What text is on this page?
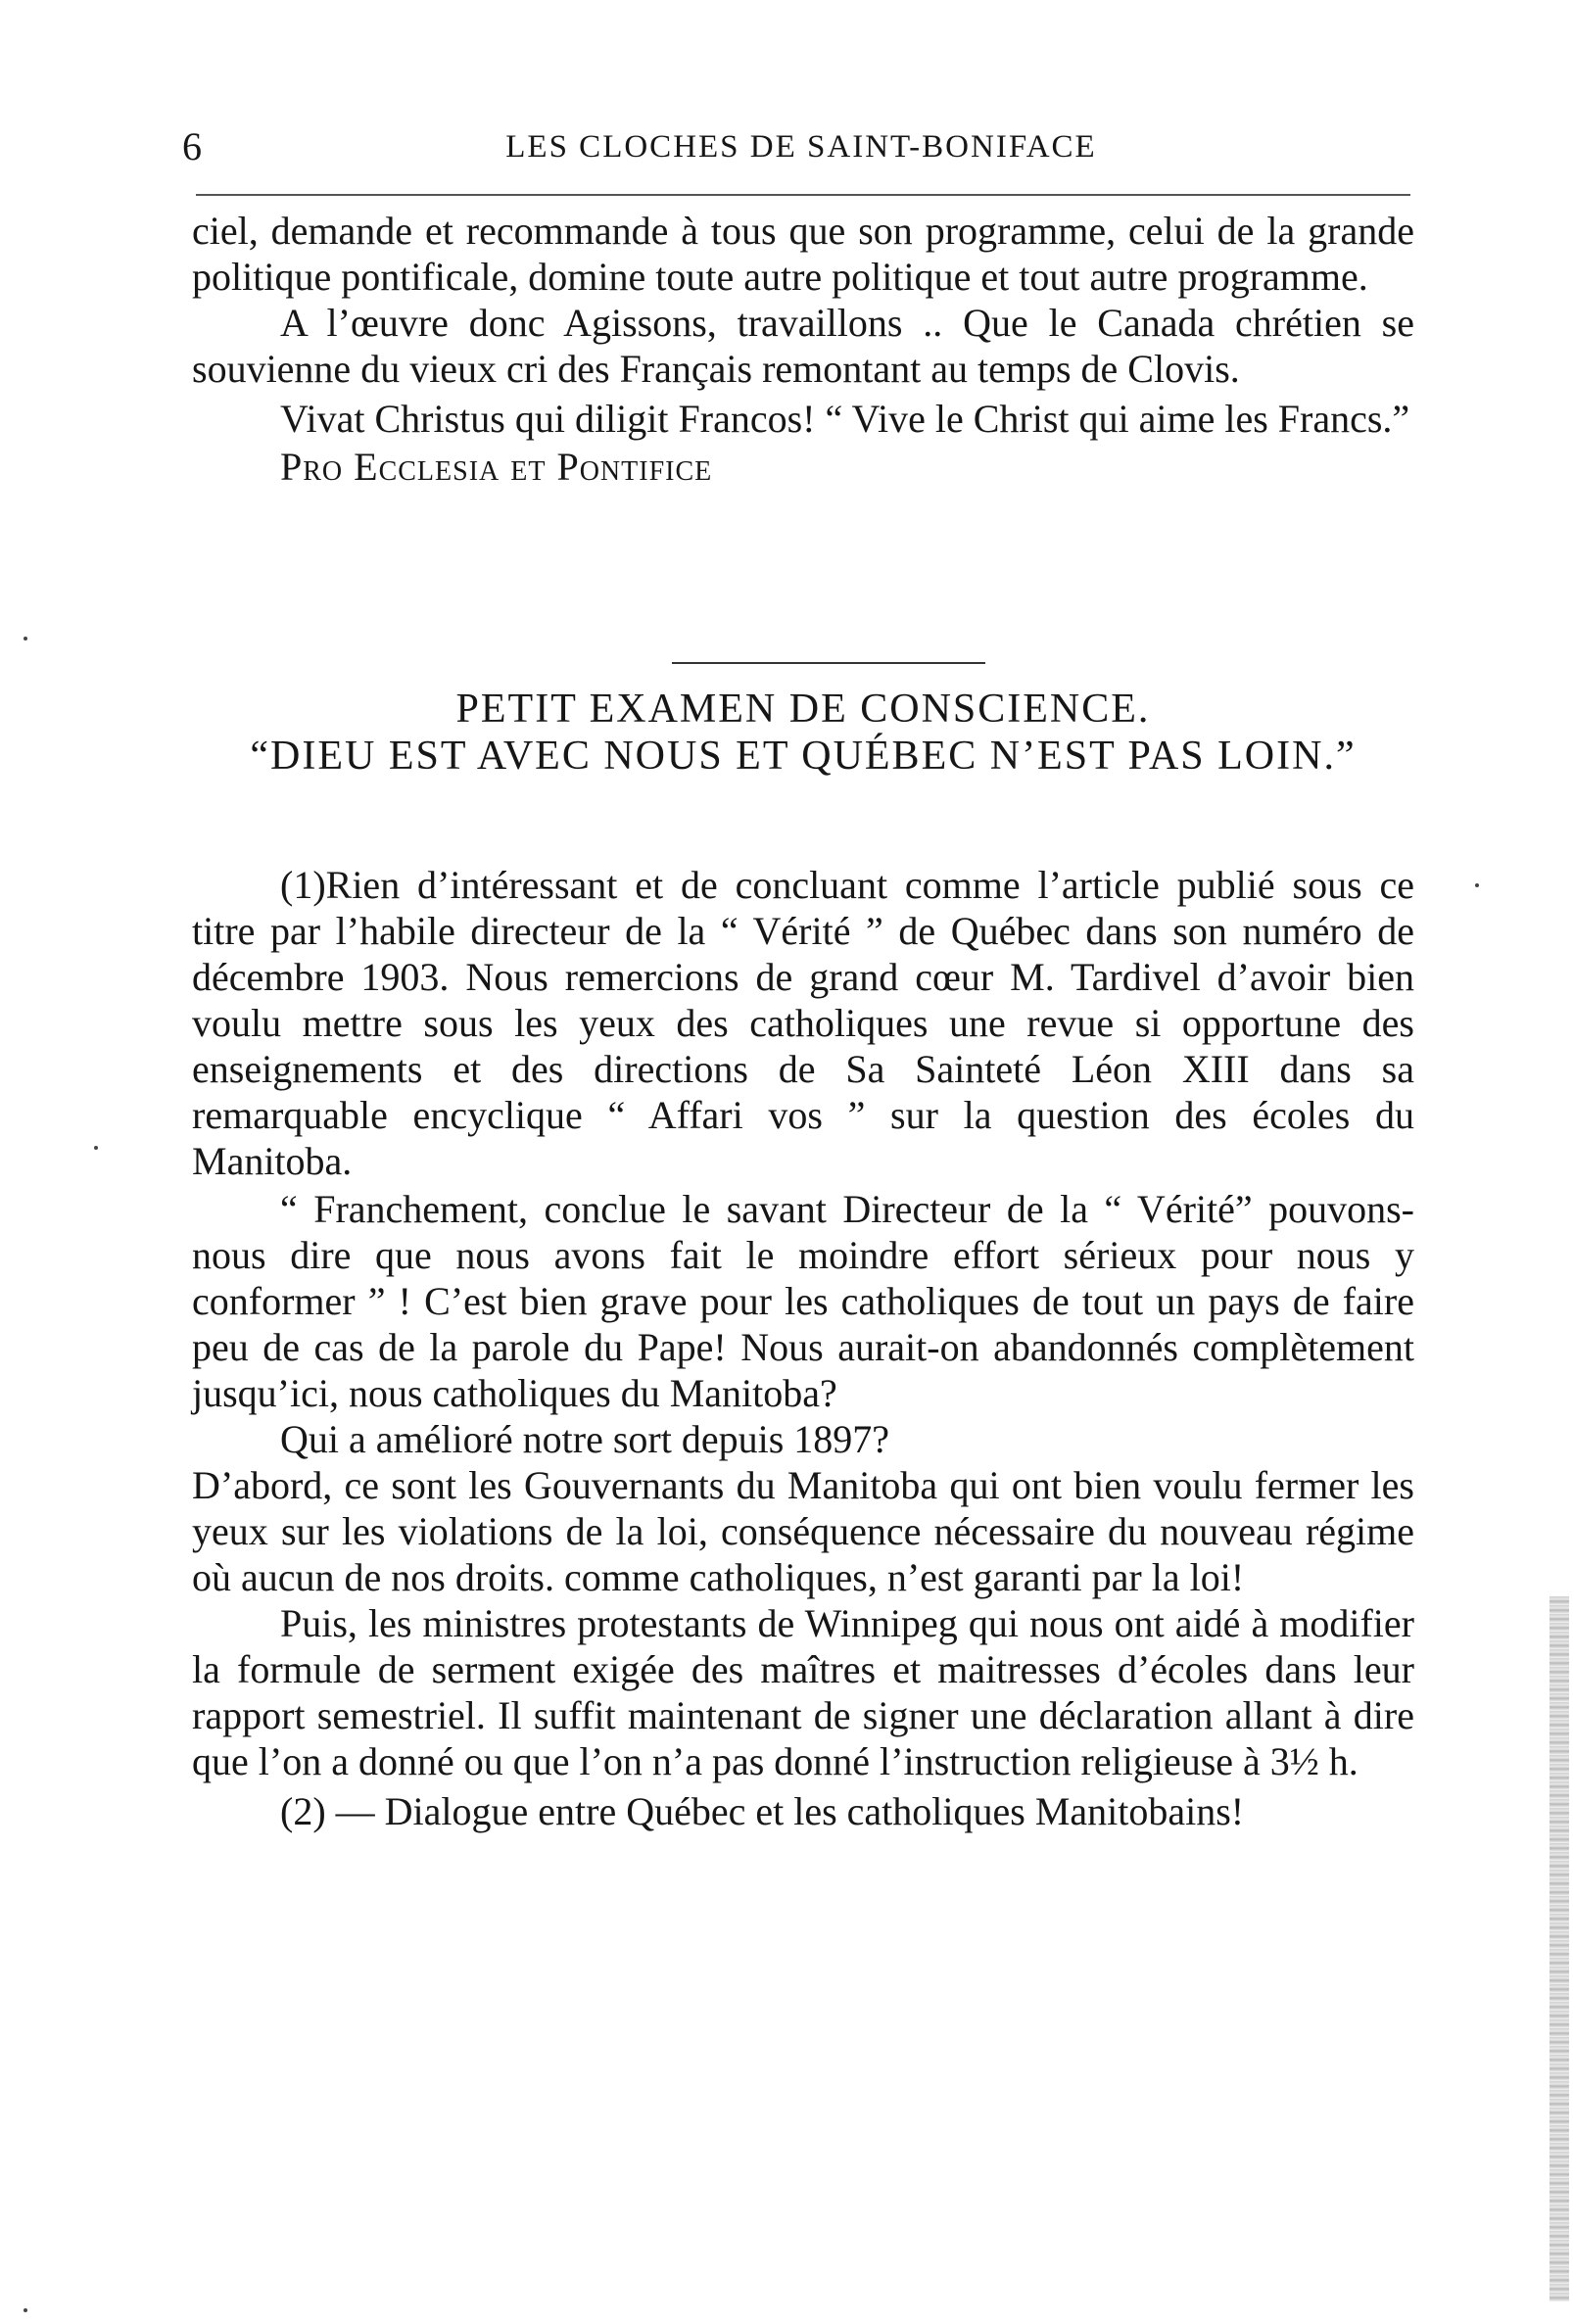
6	LES CLOCHES DE SAINT-BONIFACE

ciel, demande et recommande à tous que son programme, celui de la grande politique pontificale, domine toute autre politique et tout autre programme.

A l’œuvre donc Agissons, travaillons .. Que le Canada chrétien se souvienne du vieux cri des Français remontant au temps de Clovis.

Vivat Christus qui diligit Francos! “ Vive le Christ qui aime les Francs.”

Pro Ecclesia et Pontifice

PETIT EXAMEN DE CONSCIENCE.
“DIEU EST AVEC NOUS ET QUÉBEC N’EST PAS LOIN.”

(1)Rien d’intéressant et de concluant comme l’article publié sous ce titre par l’habile directeur de la “ Vérité ” de Québec dans son numéro de décembre 1903. Nous remercions de grand cœur M. Tardivel d’avoir bien voulu mettre sous les yeux des catholiques une revue si opportune des enseignements et des directions de Sa Sainteté Léon XIII dans sa remarquable encyclique “ Affari vos ” sur la question des écoles du Manitoba.

“ Franchement, conclue le savant Directeur de la “ Vérité” pouvons-nous dire que nous avons fait le moindre effort sérieux pour nous y conformer ” ! C’est bien grave pour les catholiques de tout un pays de faire peu de cas de la parole du Pape! Nous aurait-on abandonnés complètement jusqu’ici, nous catholiques du Manitoba?

Qui a amélioré notre sort depuis 1897?

D’abord, ce sont les Gouvernants du Manitoba qui ont bien voulu fermer les yeux sur les violations de la loi, conséquence nécessaire du nouveau régime où aucun de nos droits. comme catholiques, n’est garanti par la loi!

Puis, les ministres protestants de Winnipeg qui nous ont aidé à modifier la formule de serment exigée des maîtres et maitresses d’écoles dans leur rapport semestriel. Il suffit maintenant de signer une déclaration allant à dire que l’on a donné ou que l’on n’a pas donné l’instruction religieuse à 3½ h.

(2) — Dialogue entre Québec et les catholiques Manitobains!
